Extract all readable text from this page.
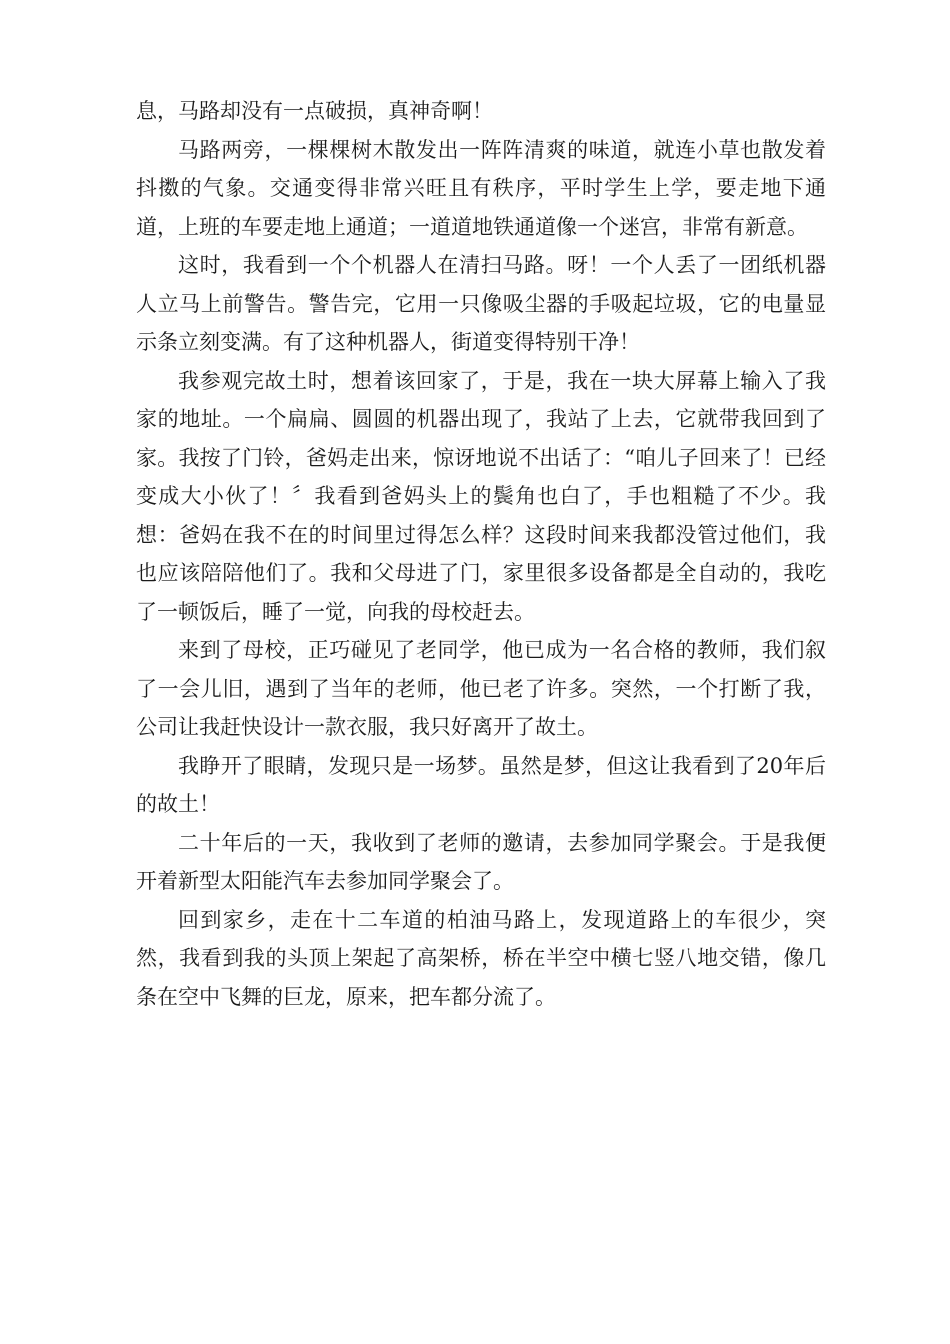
息，马路却没有一点破损，真神奇啊！

马路两旁，一棵棵树木散发出一阵阵清爽的味道，就连小草也散发着抖擞的气象。交通变得非常兴旺且有秩序，平时学生上学，要走地下通道，上班的车要走地上通道；一道道地铁通道像一个迷宫，非常有新意。

这时，我看到一个个机器人在清扫马路。呀！一个人丢了一团纸机器人立马上前警告。警告完，它用一只像吸尘器的手吸起垃圾，它的电量显示条立刻变满。有了这种机器人，街道变得特别干净！

我参观完故土时，想着该回家了，于是，我在一块大屏幕上输入了我家的地址。一个扁扁、圆圆的机器出现了，我站了上去，它就带我回到了家。我按了门铃，爸妈走出来，惊讶地说不出话了：“咱儿子回来了！已经变成大小伙了！〞我看到爸妈头上的鬓角也白了，手也粗糙了不少。我想：爸妈在我不在的时间里过得怎么样？这段时间来我都没管过他们，我也应该陪陪他们了。我和父母进了门，家里很多设备都是全自动的，我吃了一顿饭后，睡了一觉，向我的母校赶去。

来到了母校，正巧碰见了老同学，他已成为一名合格的教师，我们叙了一会儿旧，遇到了当年的老师，他已老了许多。突然，一个打断了我，公司让我赶快设计一款衣服，我只好离开了故土。

我睁开了眼睛，发现只是一场梦。虽然是梦，但这让我看到了20年后的故土！

二十年后的一天，我收到了老师的邀请，去参加同学聚会。于是我便开着新型太阳能汽车去参加同学聚会了。

回到家乡，走在十二车道的柏油马路上，发现道路上的车很少，突然，我看到我的头顶上架起了高架桥，桥在半空中横七竖八地交错，像几条在空中飞舞的巨龙，原来，把车都分流了。
